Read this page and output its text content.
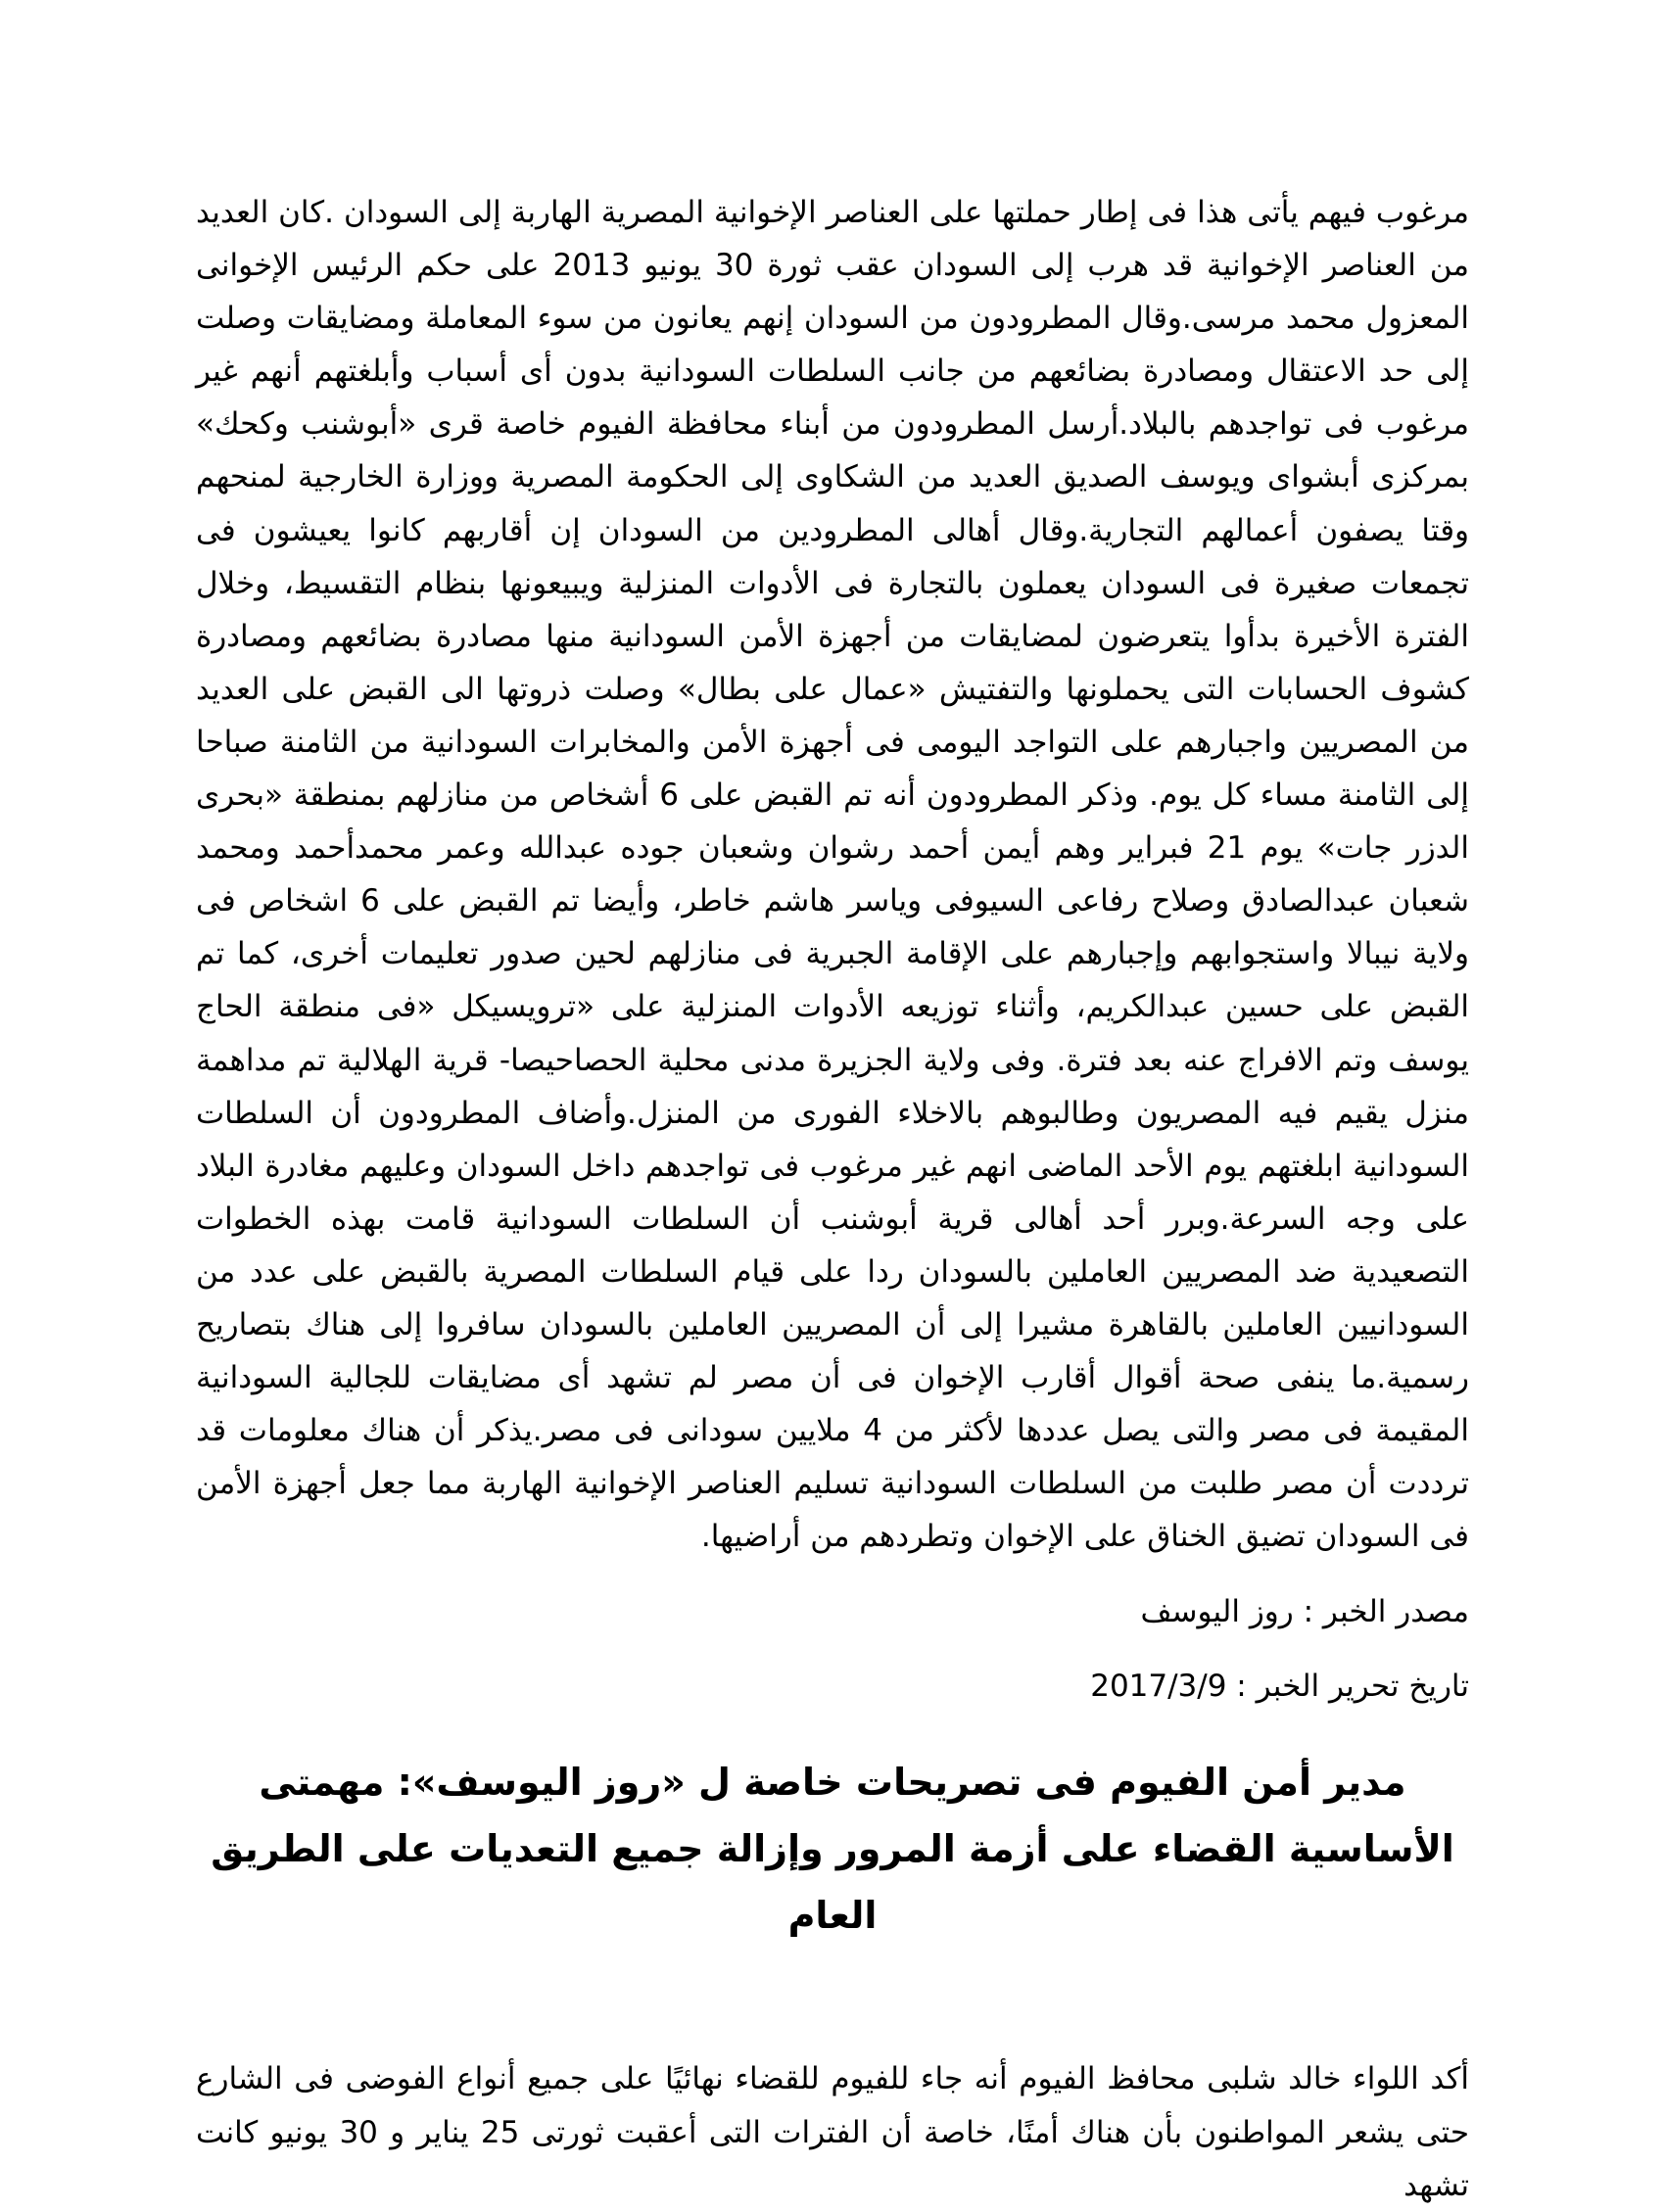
مرغوب فيهم يأتى هذا فى إطار حملتها على العناصر الإخوانية المصرية الهاربة إلى السودان .كان العديد من العناصر الإخوانية قد هرب إلى السودان عقب ثورة 30 يونيو 2013 على حكم الرئيس الإخوانى المعزول محمد مرسى.وقال المطرودون من السودان إنهم يعانون من سوء المعاملة ومضايقات وصلت إلى حد الاعتقال ومصادرة بضائعهم من جانب السلطات السودانية بدون أى أسباب وأبلغتهم أنهم غير مرغوب فى تواجدهم بالبلاد.أرسل المطرودون من أبناء محافظة الفيوم خاصة قرى «أبوشنب وكحك» بمركزى أبشواى ويوسف الصديق العديد من الشكاوى إلى الحكومة المصرية ووزارة الخارجية لمنحهم وقتا يصفون أعمالهم التجارية.وقال أهالى المطرودين من السودان إن أقاربهم كانوا يعيشون فى تجمعات صغيرة فى السودان يعملون بالتجارة فى الأدوات المنزلية ويبيعونها بنظام التقسيط، وخلال الفترة الأخيرة بدأوا يتعرضون لمضايقات من أجهزة الأمن السودانية منها مصادرة بضائعهم ومصادرة كشوف الحسابات التى يحملونها والتفتيش «عمال على بطال» وصلت ذروتها الى القبض على العديد من المصريين واجبارهم على التواجد اليومى فى أجهزة الأمن والمخابرات السودانية من الثامنة صباحا إلى الثامنة مساء كل يوم. وذكر المطرودون أنه تم القبض على 6 أشخاص من منازلهم بمنطقة «بحرى الدزر جات» يوم 21 فبراير وهم أيمن أحمد رشوان وشعبان جوده عبدالله وعمر محمدأحمد ومحمد شعبان عبدالصادق وصلاح رفاعى السيوفى وياسر هاشم خاطر، وأيضا تم القبض على 6 اشخاص فى ولاية نيبالا واستجوابهم وإجبارهم على الإقامة الجبرية فى منازلهم لحين صدور تعليمات أخرى، كما تم القبض على حسين عبدالكريم، وأثناء توزيعه الأدوات المنزلية على «ترويسيكل «فى منطقة الحاج يوسف وتم الافراج عنه بعد فترة. وفى ولاية الجزيرة مدنى محلية الحصاحيصا- قرية الهلالية تم مداهمة منزل يقيم فيه المصريون وطالبوهم بالاخلاء الفورى من المنزل.وأضاف المطرودون أن السلطات السودانية ابلغتهم يوم الأحد الماضى انهم غير مرغوب فى تواجدهم داخل السودان وعليهم مغادرة البلاد على وجه السرعة.وبرر أحد أهالى قرية أبوشنب أن السلطات السودانية قامت بهذه الخطوات التصعيدية ضد المصريين العاملين بالسودان ردا على قيام السلطات المصرية بالقبض على عدد من السودانيين العاملين بالقاهرة مشيرا إلى أن المصريين العاملين بالسودان سافروا إلى هناك بتصاريح رسمية.ما ينفى صحة أقوال أقارب الإخوان فى أن مصر لم تشهد أى مضايقات للجالية السودانية المقيمة فى مصر والتى يصل عددها لأكثر من 4 ملايين سودانى فى مصر.يذكر أن هناك معلومات قد ترددت أن مصر طلبت من السلطات السودانية تسليم العناصر الإخوانية الهاربة مما جعل أجهزة الأمن فى السودان تضيق الخناق على الإخوان وتطردهم من أراضيها.

مصدر الخبر : روز اليوسف

تاريخ تحرير الخبر : 2017/3/9

مدير أمن الفيوم فى تصريحات خاصة ل «روز اليوسف»: مهمتى الأساسية القضاء على أزمة المرور وإزالة جميع التعديات على الطريق العام

أكد اللواء خالد شلبى محافظ الفيوم أنه جاء للفيوم للقضاء نهائيًا على جميع أنواع الفوضى فى الشارع حتى يشعر المواطنون بأن هناك أمنًا، خاصة أن الفترات التى أعقبت ثورتى 25 يناير و 30 يونيو كانت تشهد
